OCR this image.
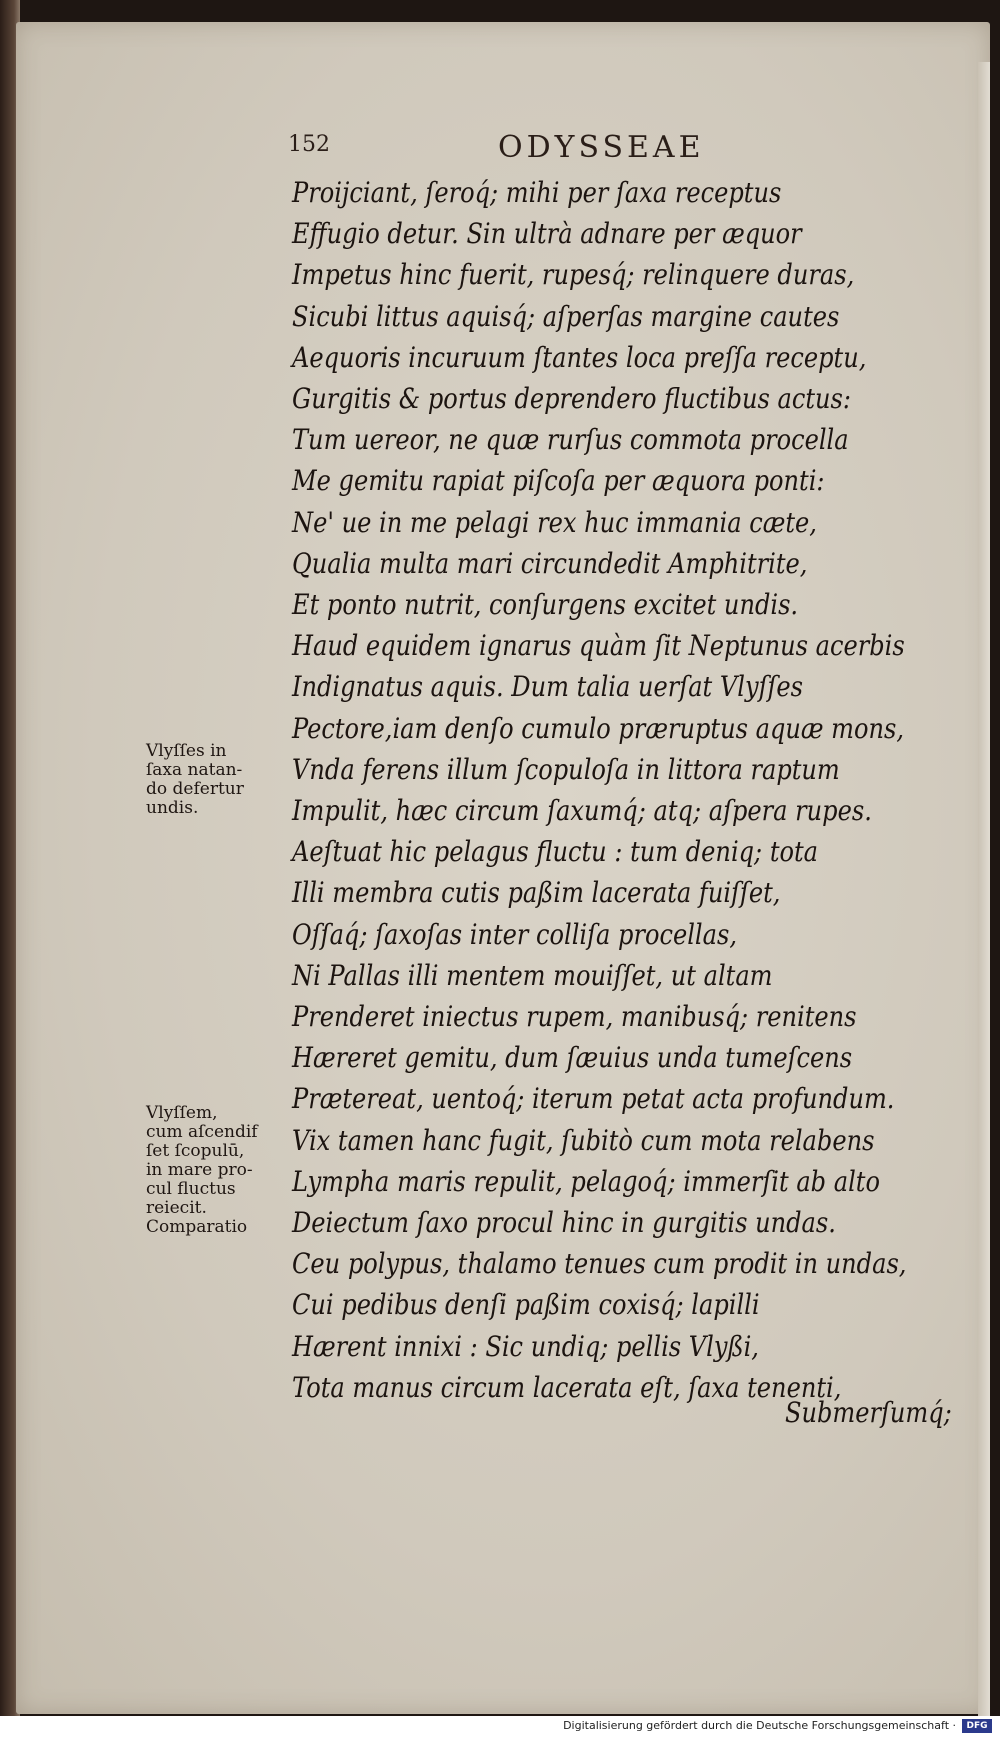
152	ODYSSEAE
Proijciant, ſeroq́; mihi per ſaxa receptus
Effugio detur. Sin ultrà adnare per æquor
Impetus hinc fuerit, rupesq́; relinquere duras,
Sicubi littus aquisq́; aſperſas margine cautes
Aequoris incuruum ſtantes loca preſſa receptu,
Gurgitis & portus deprendero fluctibus actus:
Tum uereor, ne quæ rurſus commota procella
Me gemitu rapiat piſcoſa per æquora ponti:
Ne' ue in me pelagi rex huc immania cæte,
Qualia multa mari circundedit Amphitrite,
Et ponto nutrit, conſurgens excitet undis.
Haud equidem ignarus quàm ſit Neptunus acerbis
Indignatus aquis. Dum talia uerſat Vlyſſes
Pectore,iam denſo cumulo præruptus aquæ mons,
Vnda ferens illum ſcopuloſa in littora raptum
Impulit, hæc circum ſaxumq́; atq; aſpera rupes.
Aeſtuat hic pelagus fluctu : tum deniq; tota
Illi membra cutis paßim lacerata fuiſſet,
Oſſaq́; ſaxoſas inter colliſa procellas,
Ni Pallas illi mentem mouiſſet, ut altam
Prenderet iniectus rupem, manibusq́; renitens
Hæreret gemitu, dum ſæuius unda tumeſcens
Prætereat, uentoq́; iterum petat acta profundum.
Vix tamen hanc fugit, ſubitò cum mota relabens
Lympha maris repulit, pelagoq́; immerſit ab alto
Deiectum ſaxo procul hinc in gurgitis undas.
Ceu polypus, thalamo tenues cum prodit in undas,
Cui pedibus denſi paßim coxisq́; lapilli
Hærent innixi : Sic undiq; pellis Vlyßi,
Tota manus circum lacerata eſt, ſaxa tenenti,
Submerſumq́;
Vlyſſes in
ſaxa natan-
do defertur
undis.
Vlyſſem,
cum aſcendif
ſet ſcopulū,
in mare pro-
cul fluctus
reiecit.
Comparatio
Digitalisierung gefördert durch die Deutsche Forschungsgemeinschaft ·	DFG
